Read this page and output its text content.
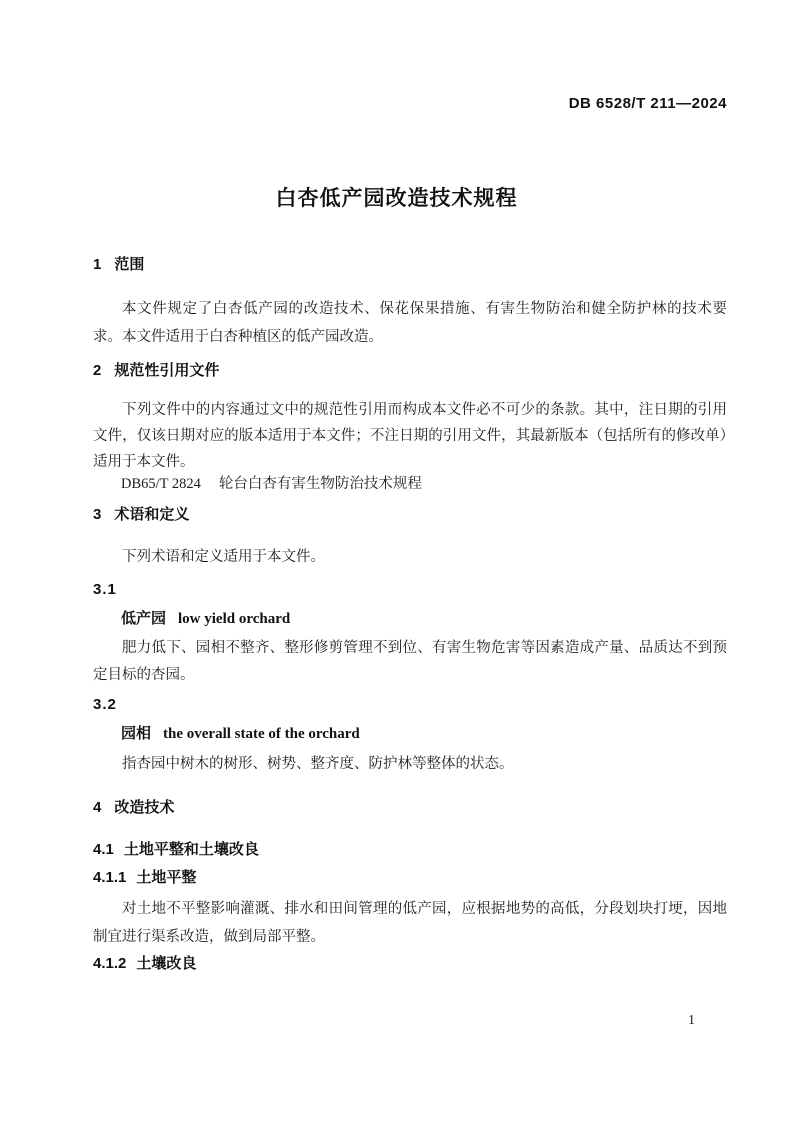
DB 6528/T 211—2024
白杏低产园改造技术规程
1 范围

本文件规定了白杏低产园的改造技术、保花保果措施、有害生物防治和健全防护林的技术要求。 本文件适用于白杏种植区的低产园改造。

2 规范性引用文件

下列文件中的内容通过文中的规范性引用而构成本文件必不可少的条款。其中，注日期的引用文件，仅该日期对应的版本适用于本文件；不注日期的引用文件，其最新版本（包括所有的修改单）适用于本文件。

DB65/T 2824 轮台白杏有害生物防治技术规程
3 术语和定义

下列术语和定义适用于本文件。

3.1
低产园 low yield orchard

肥力低下、园相不整齐、整形修剪管理不到位、有害生物危害等因素造成产量、品质达不到预定目标的杏园。

3.2
园相 the overall state of the orchard

指杏园中树木的树形、树势、整齐度、防护林等整体的状态。

4 改造技术
4.1 土地平整和土壤改良
4.1.1 土地平整

对土地不平整影响灌溉、排水和田间管理的低产园，应根据地势的高低，分段划块打埂，因地制宜进行渠系改造，做到局部平整。

4.1.2 土壤改良
1
